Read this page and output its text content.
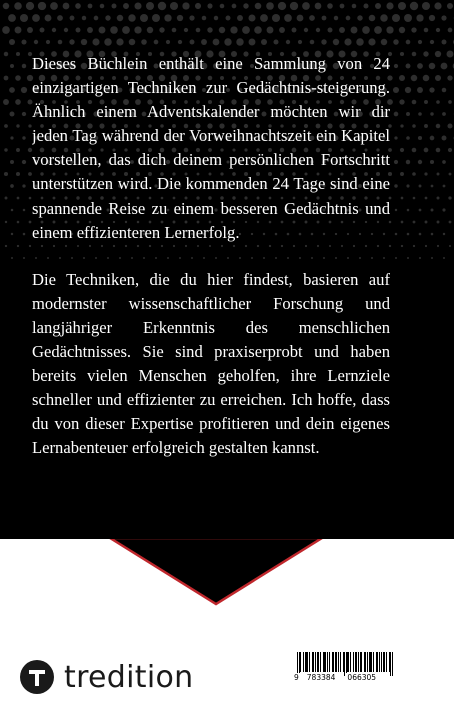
Dieses Büchlein enthält eine Sammlung von 24 einzigartigen Techniken zur Gedächtnis-steigerung. Ähnlich einem Adventskalender möchten wir dir jeden Tag während der Vorweihnachtszeit ein Kapitel vorstellen, das dich deinem persönlichen Fortschritt unterstützen wird. Die kommenden 24 Tage sind eine spannende Reise zu einem besseren Gedächtnis und einem effizienteren Lernerfolg.

Die Techniken, die du hier findest, basieren auf modernster wissenschaftlicher Forschung und langjähriger Erkenntnis des menschlichen Gedächtnisses. Sie sind praxiserprobt und haben bereits vielen Menschen geholfen, ihre Lernziele schneller und effizienter zu erreichen. Ich hoffe, dass du von dieser Expertise profitieren und dein eigenes Lernabenteuer erfolgreich gestalten kannst.

tredition	9 783384 066305
